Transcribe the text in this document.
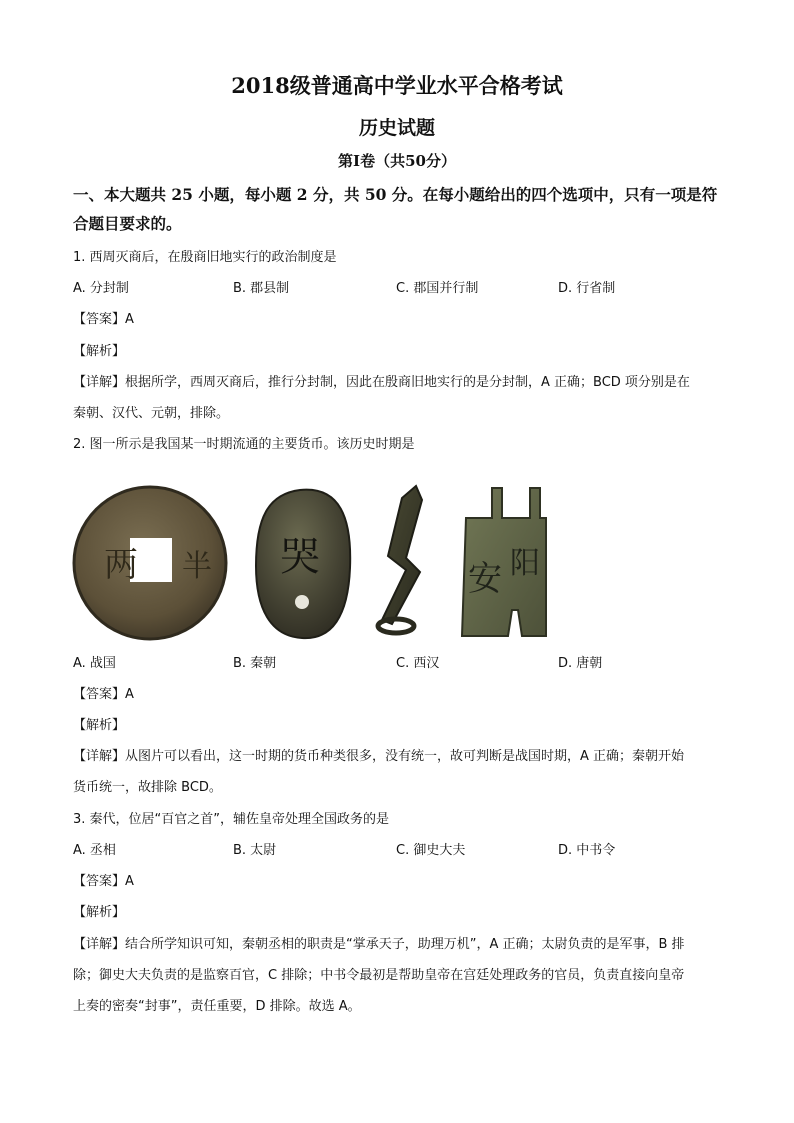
2018级普通高中学业水平合格考试
历史试题
第Ⅰ卷（共50分）
一、本大题共 25 小题，每小题 2 分，共 50 分。在每小题给出的四个选项中，只有一项是符
合题目要求的。
1. 西周灭商后，在殷商旧地实行的政治制度是
A. 分封制	B. 郡县制	C. 郡国并行制	D. 行省制
【答案】A
【解析】
【详解】根据所学，西周灭商后，推行分封制，因此在殷商旧地实行的是分封制，A 正确；BCD 项分别是在
秦朝、汉代、元朝，排除。
2. 图一所示是我国某一时期流通的主要货币。该历史时期是
两 半 哭	安 阳
A. 战国	B. 秦朝	C. 西汉	D. 唐朝
【答案】A
【解析】
【详解】从图片可以看出，这一时期的货币种类很多，没有统一，故可判断是战国时期，A 正确；秦朝开始
货币统一，故排除 BCD。
3. 秦代，位居“百官之首”，辅佐皇帝处理全国政务的是
A. 丞相	B. 太尉	C. 御史大夫	D. 中书令
【答案】A
【解析】
【详解】结合所学知识可知，秦朝丞相的职责是“掌承天子，助理万机”，A 正确；太尉负责的是军事，B 排
除；御史大夫负责的是监察百官，C 排除；中书令最初是帮助皇帝在宫廷处理政务的官员，负责直接向皇帝
上奏的密奏“封事”，责任重要，D 排除。故选 A。
